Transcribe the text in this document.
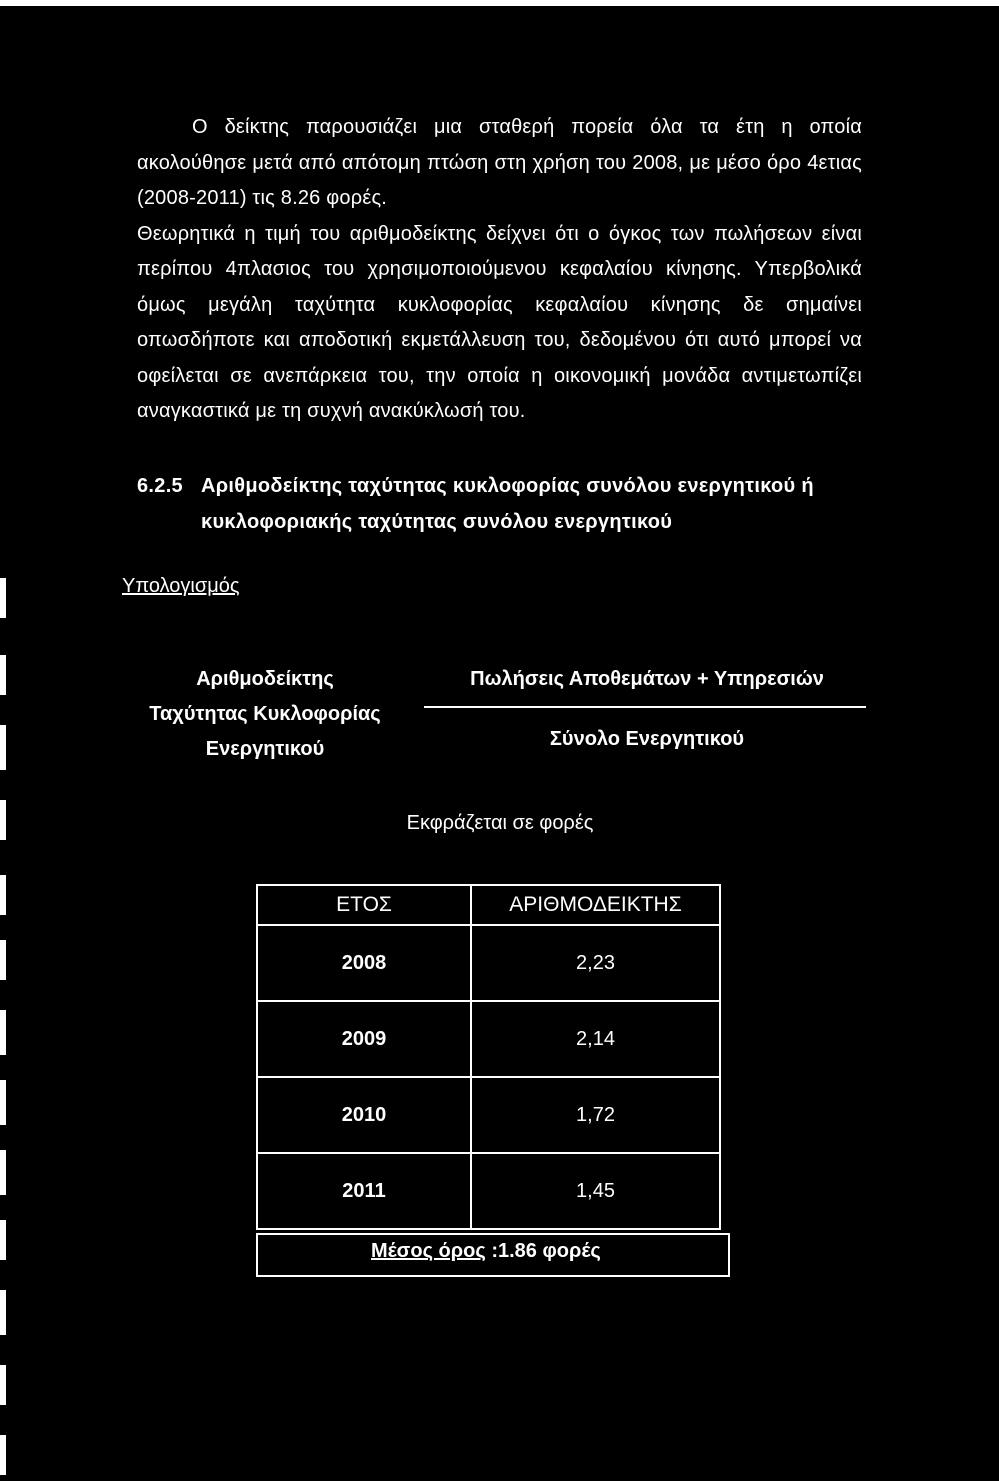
Ο δείκτης παρουσιάζει μια σταθερή πορεία όλα τα έτη η οποία ακολούθησε μετά από απότομη πτώση στη χρήση του 2008, με μέσο όρο 4ετιας (2008-2011) τις 8.26 φορές.

Θεωρητικά η τιμή του αριθμοδείκτης δείχνει ότι ο όγκος των πωλήσεων είναι περίπου 4πλασιος του χρησιμοποιούμενου κεφαλαίου κίνησης. Υπερβολικά όμως μεγάλη ταχύτητα κυκλοφορίας κεφαλαίου κίνησης δε σημαίνει οπωσδήποτε και αποδοτική εκμετάλλευση του, δεδομένου ότι αυτό μπορεί να οφείλεται σε ανεπάρκεια του, την οποία η οικονομική μονάδα αντιμετωπίζει αναγκαστικά με τη συχνή ανακύκλωσή του.

6.2.5 Αριθμοδείκτης ταχύτητας κυκλοφορίας συνόλου ενεργητικού ή κυκλοφοριακής ταχύτητας συνόλου ενεργητικού
Υπολογισμός
Αριθμοδείκτης
Ταχύτητας Κυκλοφορίας
Ενεργητικού
Πωλήσεις Αποθεμάτων + Υπηρεσιών
Σύνολο Ενεργητικού
Εκφράζεται σε φορές
ΕΤΟΣ	ΑΡΙΘΜΟΔΕΙΚΤΗΣ
2008	2,23
2009	2,14
2010	1,72
2011	1,45
Μέσος όρος :1.86 φορές
